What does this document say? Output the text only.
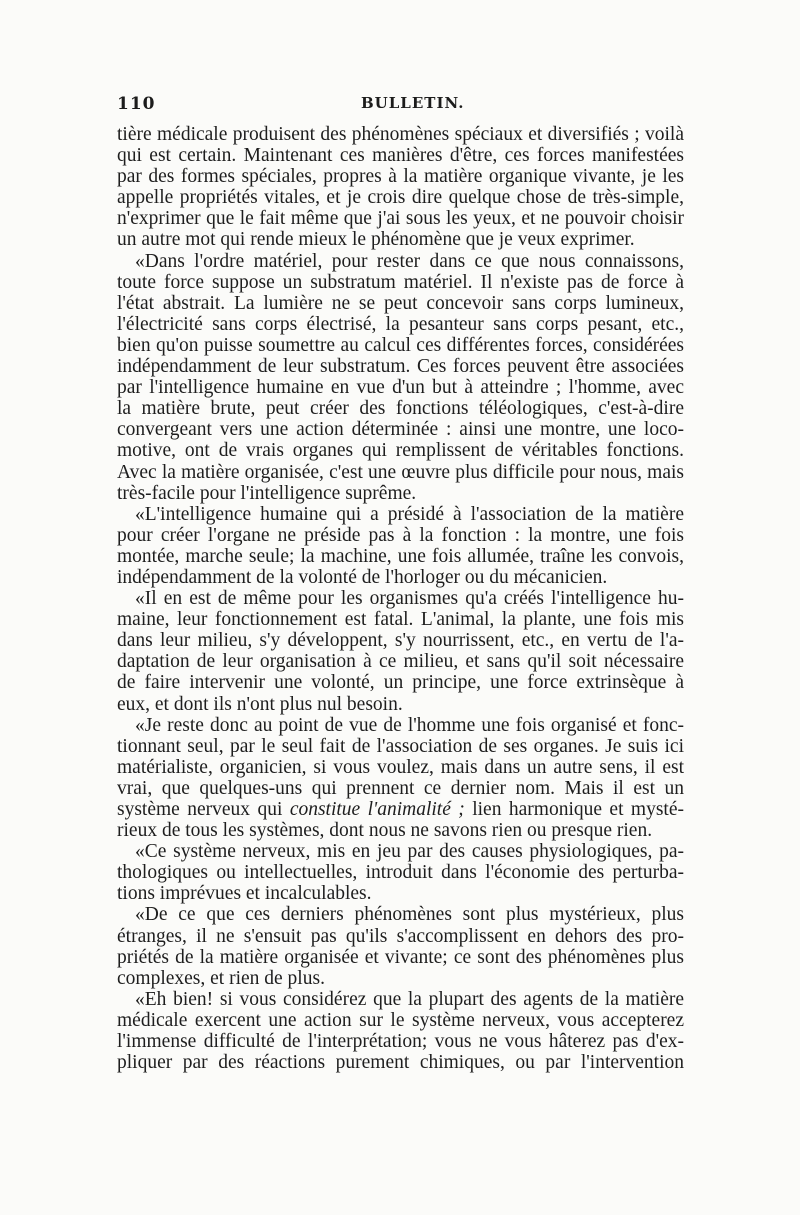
110	BULLETIN.
tière médicale produisent des phénomènes spéciaux et diversifiés ; voilà
qui est certain. Maintenant ces manières d'être, ces forces manifestées
par des formes spéciales, propres à la matière organique vivante, je les
appelle propriétés vitales, et je crois dire quelque chose de très-simple,
n'exprimer que le fait même que j'ai sous les yeux, et ne pouvoir choisir
un autre mot qui rende mieux le phénomène que je veux exprimer.
«Dans l'ordre matériel, pour rester dans ce que nous connaissons,
toute force suppose un substratum matériel. Il n'existe pas de force à
l'état abstrait. La lumière ne se peut concevoir sans corps lumineux,
l'électricité sans corps électrisé, la pesanteur sans corps pesant, etc.,
bien qu'on puisse soumettre au calcul ces différentes forces, considérées
indépendamment de leur substratum. Ces forces peuvent être associées
par l'intelligence humaine en vue d'un but à atteindre ; l'homme, avec
la matière brute, peut créer des fonctions téléologiques, c'est-à-dire
convergeant vers une action déterminée : ainsi une montre, une loco-
motive, ont de vrais organes qui remplissent de véritables fonctions.
Avec la matière organisée, c'est une œuvre plus difficile pour nous, mais
très-facile pour l'intelligence suprême.
«L'intelligence humaine qui a présidé à l'association de la matière
pour créer l'organe ne préside pas à la fonction : la montre, une fois
montée, marche seule; la machine, une fois allumée, traîne les convois,
indépendamment de la volonté de l'horloger ou du mécanicien.
«Il en est de même pour les organismes qu'a créés l'intelligence hu-
maine, leur fonctionnement est fatal. L'animal, la plante, une fois mis
dans leur milieu, s'y développent, s'y nourrissent, etc., en vertu de l'a-
daptation de leur organisation à ce milieu, et sans qu'il soit nécessaire
de faire intervenir une volonté, un principe, une force extrinsèque à
eux, et dont ils n'ont plus nul besoin.
«Je reste donc au point de vue de l'homme une fois organisé et fonc-
tionnant seul, par le seul fait de l'association de ses organes. Je suis ici
matérialiste, organicien, si vous voulez, mais dans un autre sens, il est
vrai, que quelques-uns qui prennent ce dernier nom. Mais il est un
système nerveux qui constitue l'animalité ; lien harmonique et mysté-
rieux de tous les systèmes, dont nous ne savons rien ou presque rien.
«Ce système nerveux, mis en jeu par des causes physiologiques, pa-
thologiques ou intellectuelles, introduit dans l'économie des perturba-
tions imprévues et incalculables.
«De ce que ces derniers phénomènes sont plus mystérieux, plus
étranges, il ne s'ensuit pas qu'ils s'accomplissent en dehors des pro-
priétés de la matière organisée et vivante; ce sont des phénomènes plus
complexes, et rien de plus.
«Eh bien! si vous considérez que la plupart des agents de la matière
médicale exercent une action sur le système nerveux, vous accepterez
l'immense difficulté de l'interprétation; vous ne vous hâterez pas d'ex-
pliquer par des réactions purement chimiques, ou par l'intervention
